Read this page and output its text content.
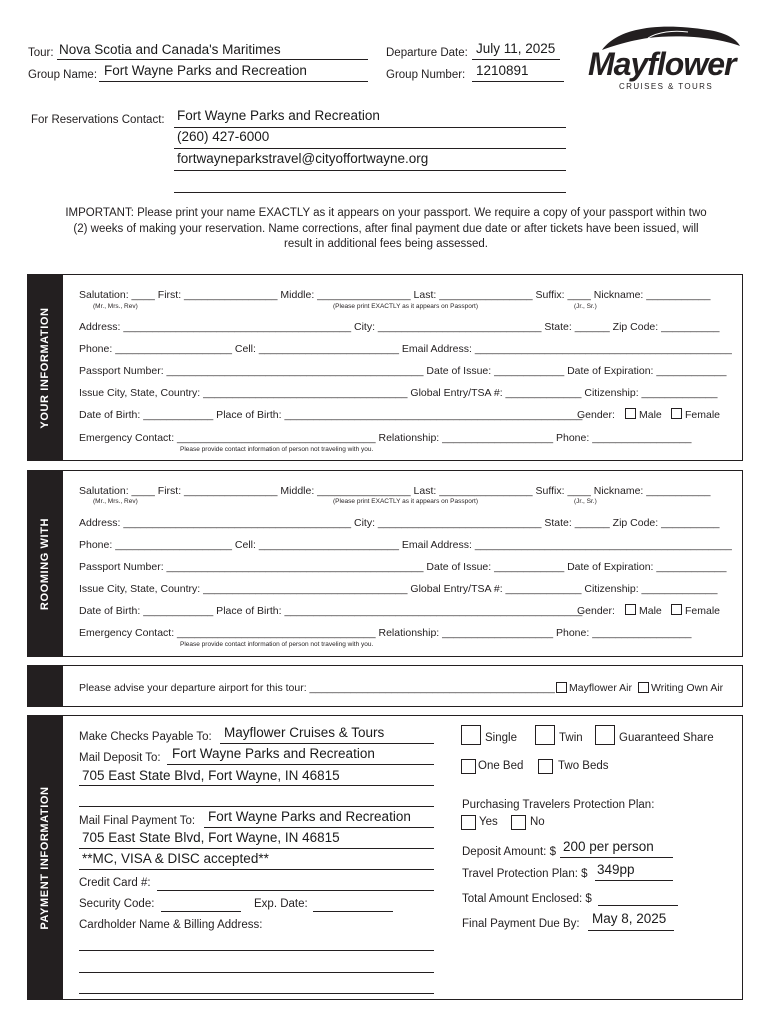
Tour: Nova Scotia and Canada's Maritimes
Group Name: Fort Wayne Parks and Recreation
Departure Date: July 11, 2025
Group Number: 1210891 Mayflower
CRUISES & TOURS
For Reservations Contact: Fort Wayne Parks and Recreation
(260) 427-6000
fortwayneparkstravel@cityoffortwayne.org
IMPORTANT: Please print your name EXACTLY as it appears on your passport. We require a copy of your passport within two (2) weeks of making your reservation. Name corrections, after final payment due date or after tickets have been issued, will result in additional fees being assessed.
YOUR INFORMATION
Salutation: ____ First: ________________ Middle: ________________ Last: ________________ Suffix: ____ Nickname: ___________
(Mr., Mrs., Rev)	(Please print EXACTLY as it appears on Passport)	(Jr., Sr.)
Address: _______________________________________ City: ____________________________ State: ______ Zip Code: __________
Phone: ____________________ Cell: ________________________ Email Address: ____________________________________________
Passport Number: ____________________________________________ Date of Issue: ____________ Date of Expiration: ____________
Issue City, State, Country: ___________________________________ Global Entry/TSA #: _____________ Citizenship: _____________
Date of Birth: ____________ Place of Birth: ___________________________________________________
Gender: Male Female
Emergency Contact: __________________________________ Relationship: ___________________ Phone: _________________
Please provide contact information of person not traveling with you.
ROOMING WITH
Salutation: ____ First: ________________ Middle: ________________ Last: ________________ Suffix: ____ Nickname: ___________
(Mr., Mrs., Rev)	(Please print EXACTLY as it appears on Passport)	(Jr., Sr.)
Address: _______________________________________ City: ____________________________ State: ______ Zip Code: __________
Phone: ____________________ Cell: ________________________ Email Address: ____________________________________________
Passport Number: ____________________________________________ Date of Issue: ____________ Date of Expiration: ____________
Issue City, State, Country: ___________________________________ Global Entry/TSA #: _____________ Citizenship: _____________
Date of Birth: ____________ Place of Birth: ___________________________________________________
Gender: Male Female
Emergency Contact: __________________________________ Relationship: ___________________ Phone: _________________
Please provide contact information of person not traveling with you.
Please advise your departure airport for this tour: __________________________________________ Mayflower Air Writing Own Air
PAYMENT INFORMATION
Make Checks Payable To: Mayflower Cruises & Tours
Mail Deposit To: Fort Wayne Parks and Recreation
705 East State Blvd, Fort Wayne, IN 46815
Mail Final Payment To: Fort Wayne Parks and Recreation
705 East State Blvd, Fort Wayne, IN 46815
**MC, VISA & DISC accepted**
Credit Card #:
Security Code:	Exp. Date:
Cardholder Name & Billing Address:
Single	Twin	Guaranteed Share
One Bed	Two Beds
Purchasing Travelers Protection Plan:
Yes	No
Deposit Amount: $ 200 per person
Travel Protection Plan: $ 349pp
Total Amount Enclosed: $
Final Payment Due By: May 8, 2025
